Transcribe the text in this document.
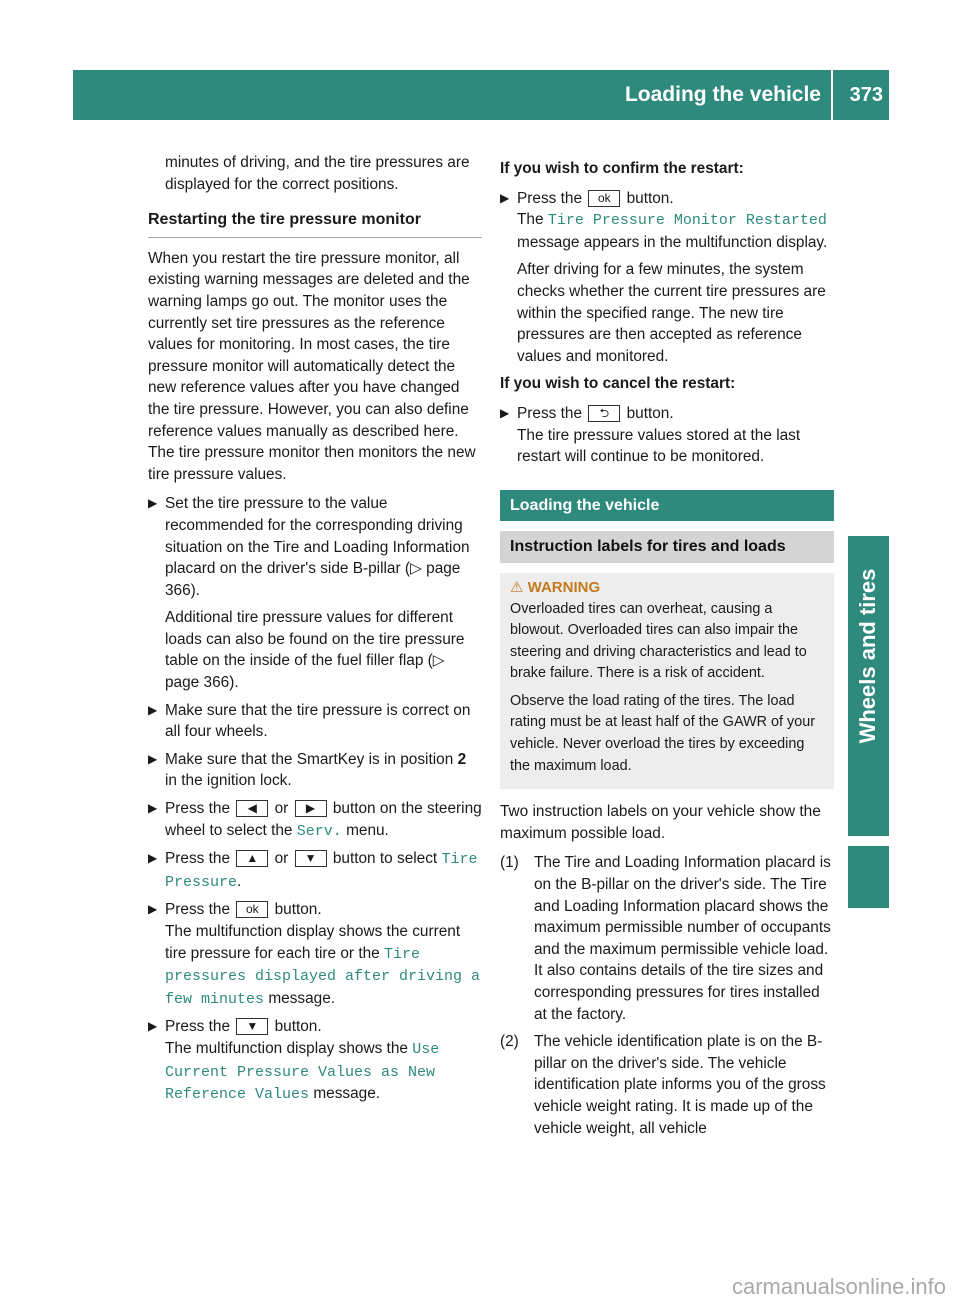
Loading the vehicle 373
Wheels and tires

minutes of driving, and the tire pressures are displayed for the correct positions.

Restarting the tire pressure monitor

When you restart the tire pressure monitor, all existing warning messages are deleted and the warning lamps go out. The monitor uses the currently set tire pressures as the reference values for monitoring. In most cases, the tire pressure monitor will automatically detect the new reference values after you have changed the tire pressure. However, you can also define reference values manually as described here. The tire pressure monitor then monitors the new tire pressure values.

▶ Set the tire pressure to the value recommended for the corresponding driving situation on the Tire and Loading Information placard on the driver's side B-pillar (▷ page 366).

Additional tire pressure values for different loads can also be found on the tire pressure table on the inside of the fuel filler flap (▷ page 366).

▶ Make sure that the tire pressure is correct on all four wheels.

▶ Make sure that the SmartKey is in position 2 in the ignition lock.

▶ Press the ◀ or ▶ button on the steering wheel to select the Serv. menu.

▶ Press the ▲ or ▼ button to select Tire Pressure.

▶ Press the ok button.
The multifunction display shows the current tire pressure for each tire or the Tire pressures displayed after driving a few minutes message.

▶ Press the ▼ button.
The multifunction display shows the Use Current Pressure Values as New Reference Values message.

If you wish to confirm the restart:
▶ Press the ok button.
The Tire Pressure Monitor Restarted message appears in the multifunction display.

After driving for a few minutes, the system checks whether the current tire pressures are within the specified range. The new tire pressures are then accepted as reference values and monitored.

If you wish to cancel the restart:
▶ Press the ⮌ button.
The tire pressure values stored at the last restart will continue to be monitored.

Loading the vehicle
Instruction labels for tires and loads
⚠ WARNING

Overloaded tires can overheat, causing a blowout. Overloaded tires can also impair the steering and driving characteristics and lead to brake failure. There is a risk of accident.

Observe the load rating of the tires. The load rating must be at least half of the GAWR of your vehicle. Never overload the tires by exceeding the maximum load.

Two instruction labels on your vehicle show the maximum possible load.

(1) The Tire and Loading Information placard is on the B-pillar on the driver's side. The Tire and Loading Information placard shows the maximum permissible number of occupants and the maximum permissible vehicle load. It also contains details of the tire sizes and corresponding pressures for tires installed at the factory.
(2) The vehicle identification plate is on the B-pillar on the driver's side. The vehicle identification plate informs you of the gross vehicle weight rating. It is made up of the vehicle weight, all vehicle
carmanualsonline.info
